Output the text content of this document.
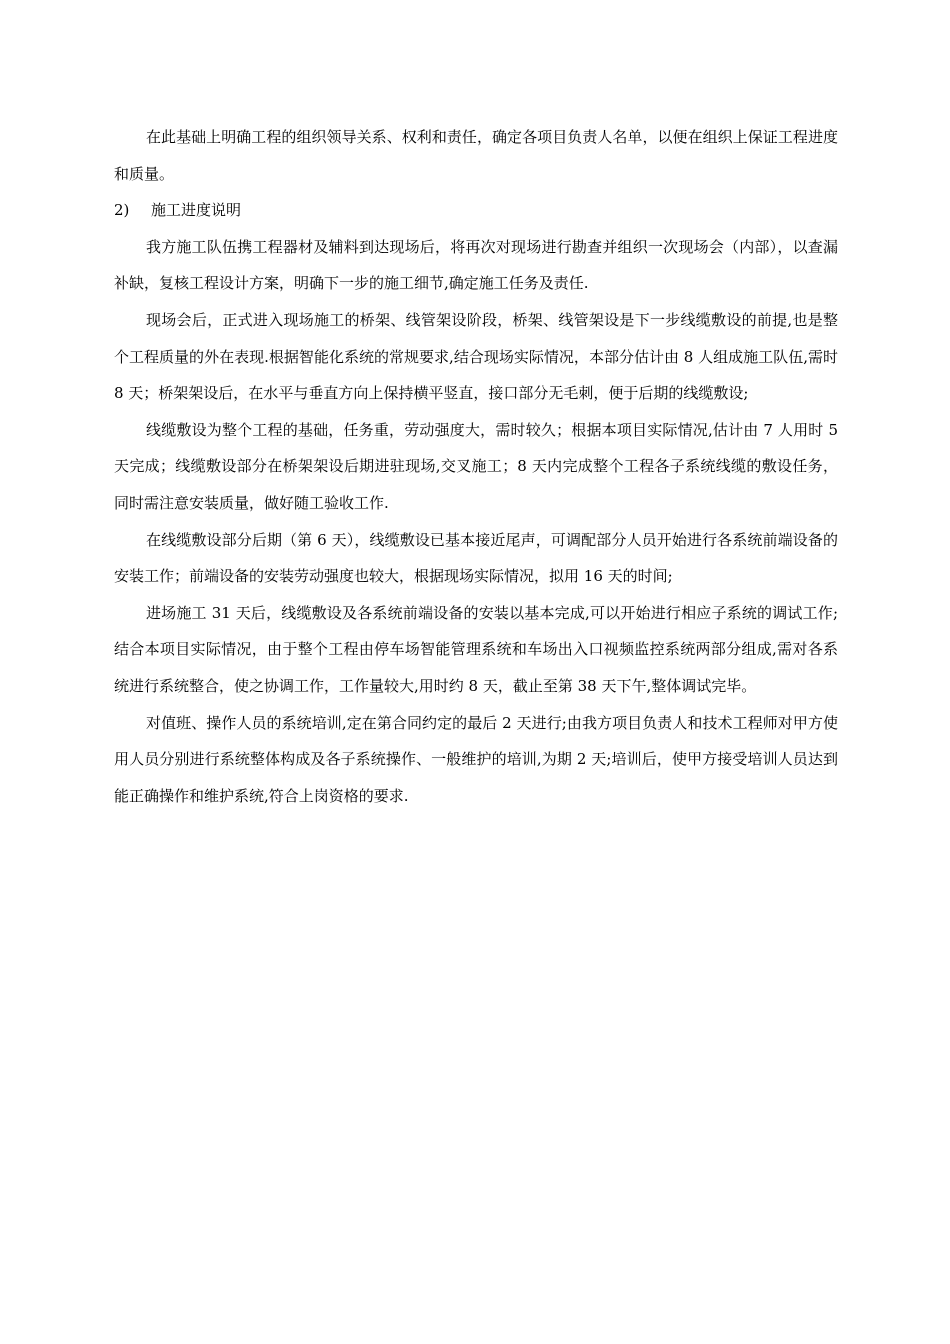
在此基础上明确工程的组织领导关系、权利和责任，确定各项目负责人名单，以便在组织上保证工程进度和质量。

2) 施工进度说明

我方施工队伍携工程器材及辅料到达现场后，将再次对现场进行勘查并组织一次现场会（内部），以查漏补缺，复核工程设计方案，明确下一步的施工细节,确定施工任务及责任.

现场会后，正式进入现场施工的桥架、线管架设阶段，桥架、线管架设是下一步线缆敷设的前提,也是整个工程质量的外在表现.根据智能化系统的常规要求,结合现场实际情况，本部分估计由 8 人组成施工队伍,需时 8 天；桥架架设后，在水平与垂直方向上保持横平竖直，接口部分无毛刺，便于后期的线缆敷设;

线缆敷设为整个工程的基础，任务重，劳动强度大，需时较久；根据本项目实际情况,估计由 7 人用时 5 天完成；线缆敷设部分在桥架架设后期进驻现场,交叉施工；8 天内完成整个工程各子系统线缆的敷设任务，同时需注意安装质量，做好随工验收工作.

在线缆敷设部分后期（第 6 天），线缆敷设已基本接近尾声，可调配部分人员开始进行各系统前端设备的安装工作；前端设备的安装劳动强度也较大，根据现场实际情况，拟用 16 天的时间;

进场施工 31 天后，线缆敷设及各系统前端设备的安装以基本完成,可以开始进行相应子系统的调试工作;结合本项目实际情况，由于整个工程由停车场智能管理系统和车场出入口视频监控系统两部分组成,需对各系统进行系统整合，使之协调工作，工作量较大,用时约 8 天，截止至第 38 天下午,整体调试完毕。

对值班、操作人员的系统培训,定在第合同约定的最后 2 天进行;由我方项目负责人和技术工程师对甲方使用人员分别进行系统整体构成及各子系统操作、一般维护的培训,为期 2 天;培训后，使甲方接受培训人员达到能正确操作和维护系统,符合上岗资格的要求.
